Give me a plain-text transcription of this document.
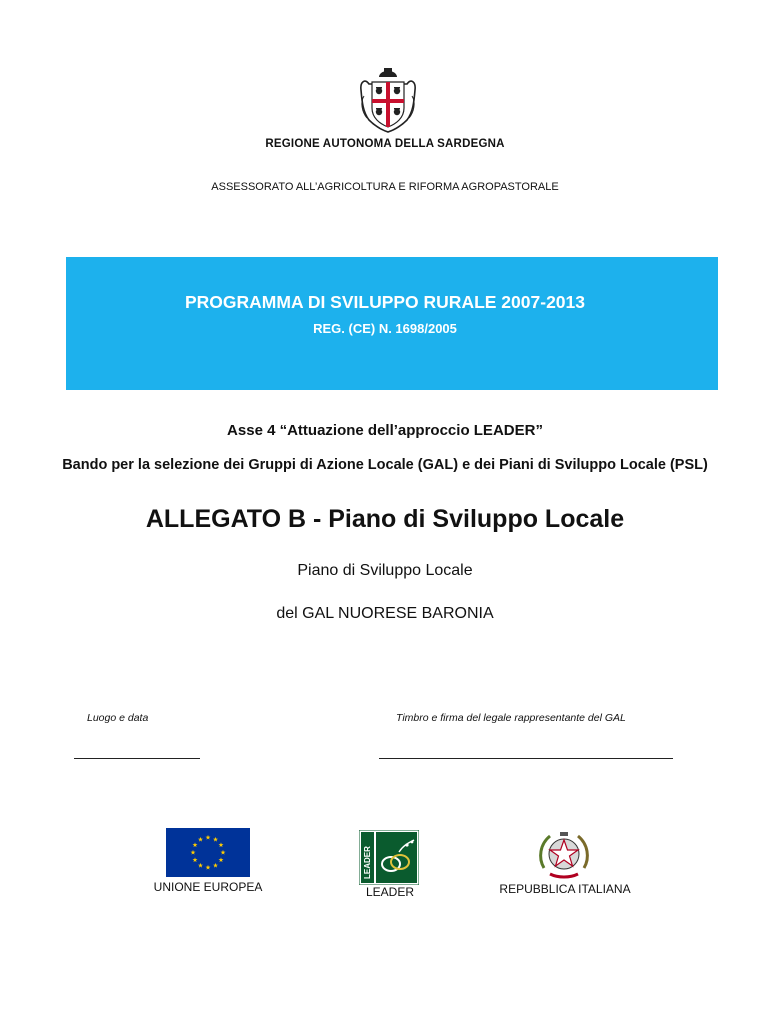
REGIONE AUTONOMA DELLA SARDEGNA
ASSESSORATO ALL’AGRICOLTURA E RIFORMA AGROPASTORALE
PROGRAMMA DI SVILUPPO RURALE 2007-2013
REG. (CE) N. 1698/2005
Asse 4 “Attuazione dell’approccio LEADER”
Bando per la selezione dei Gruppi di Azione Locale (GAL) e dei Piani di Sviluppo Locale (PSL)
ALLEGATO B - Piano di Sviluppo Locale
Piano di Sviluppo Locale
del GAL NUORESE BARONIA
Luogo e data	Timbro e firma del legale rappresentante del GAL
UNIONE EUROPEA
LEADER
LEADER	REPUBBLICA ITALIANA
